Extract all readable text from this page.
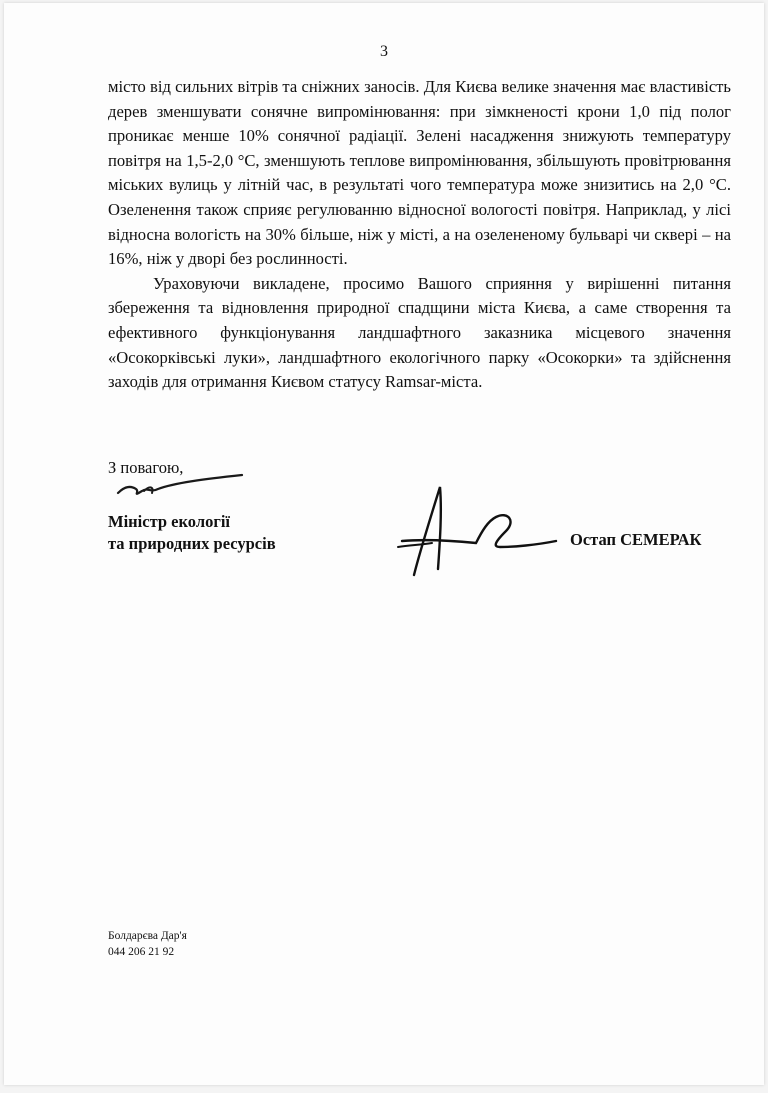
3

місто від сильних вітрів та сніжних заносів. Для Києва велике значення має властивість дерев зменшувати сонячне випромінювання: при зімкненості крони 1,0 під полог проникає менше 10% сонячної радіації. Зелені насадження знижують температуру повітря на 1,5-2,0 °С, зменшують теплове випромінювання, збільшують провітрювання міських вулиць у літній час, в результаті чого температура може знизитись на 2,0 °С. Озеленення також сприяє регулюванню відносної вологості повітря. Наприклад, у лісі відносна вологість на 30% більше, ніж у місті, а на озелененому бульварі чи сквері – на 16%, ніж у дворі без рослинності.

Ураховуючи викладене, просимо Вашого сприяння у вирішенні питання збереження та відновлення природної спадщини міста Києва, а саме створення та ефективного функціонування ландшафтного заказника місцевого значення «Осокорківські луки», ландшафтного екологічного парку «Осокорки» та здійснення заходів для отримання Києвом статусу Ramsar-міста.

З повагою,
Міністр екології
та природних ресурсів	Остап СЕМЕРАК
Болдарєва Дар'я
044 206 21 92
